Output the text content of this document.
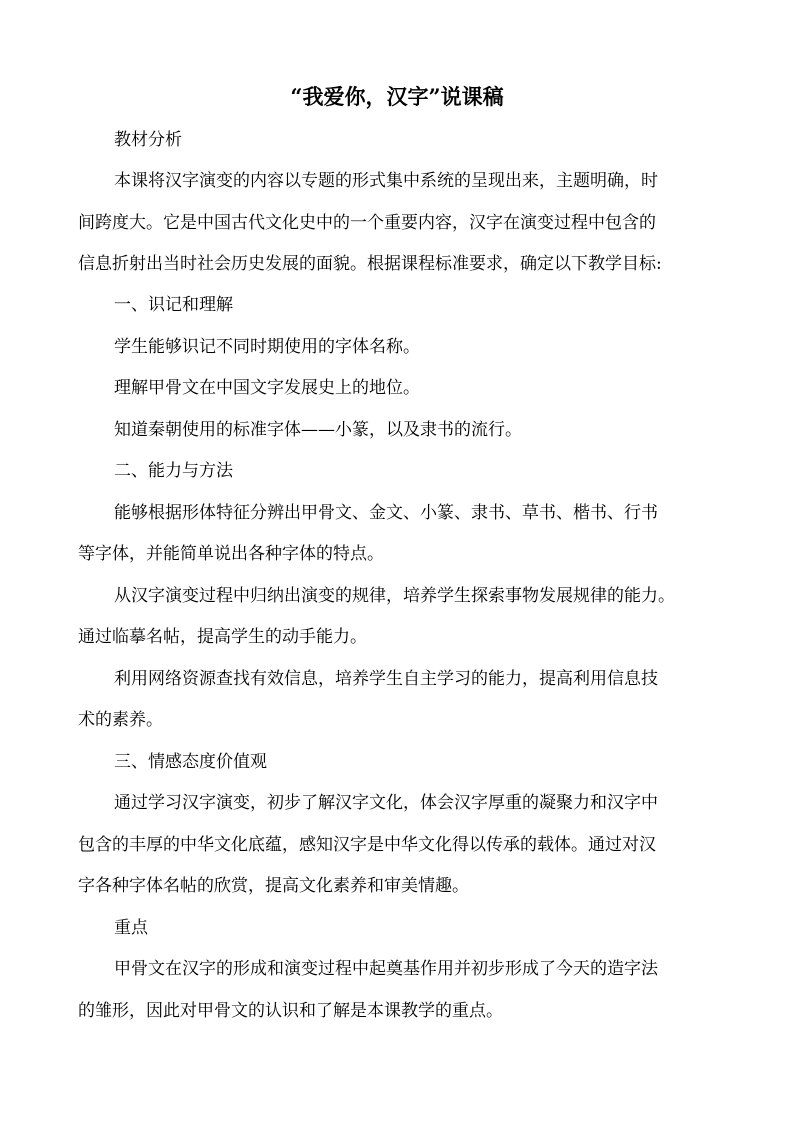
“我爱你，汉字”说课稿
教材分析
本课将汉字演变的内容以专题的形式集中系统的呈现出来，主题明确，时
间跨度大。它是中国古代文化史中的一个重要内容，汉字在演变过程中包含的
信息折射出当时社会历史发展的面貌。根据课程标准要求，确定以下教学目标:
一、识记和理解
学生能够识记不同时期使用的字体名称。
理解甲骨文在中国文字发展史上的地位。
知道秦朝使用的标准字体——小篆，以及隶书的流行。
二、能力与方法
能够根据形体特征分辨出甲骨文、金文、小篆、隶书、草书、楷书、行书
等字体，并能简单说出各种字体的特点。
从汉字演变过程中归纳出演变的规律，培养学生探索事物发展规律的能力。
通过临摹名帖，提高学生的动手能力。
利用网络资源查找有效信息，培养学生自主学习的能力，提高利用信息技
术的素养。
三、情感态度价值观
通过学习汉字演变，初步了解汉字文化，体会汉字厚重的凝聚力和汉字中
包含的丰厚的中华文化底蕴，感知汉字是中华文化得以传承的载体。通过对汉
字各种字体名帖的欣赏，提高文化素养和审美情趣。
重点
甲骨文在汉字的形成和演变过程中起奠基作用并初步形成了今天的造字法
的雏形，因此对甲骨文的认识和了解是本课教学的重点。
